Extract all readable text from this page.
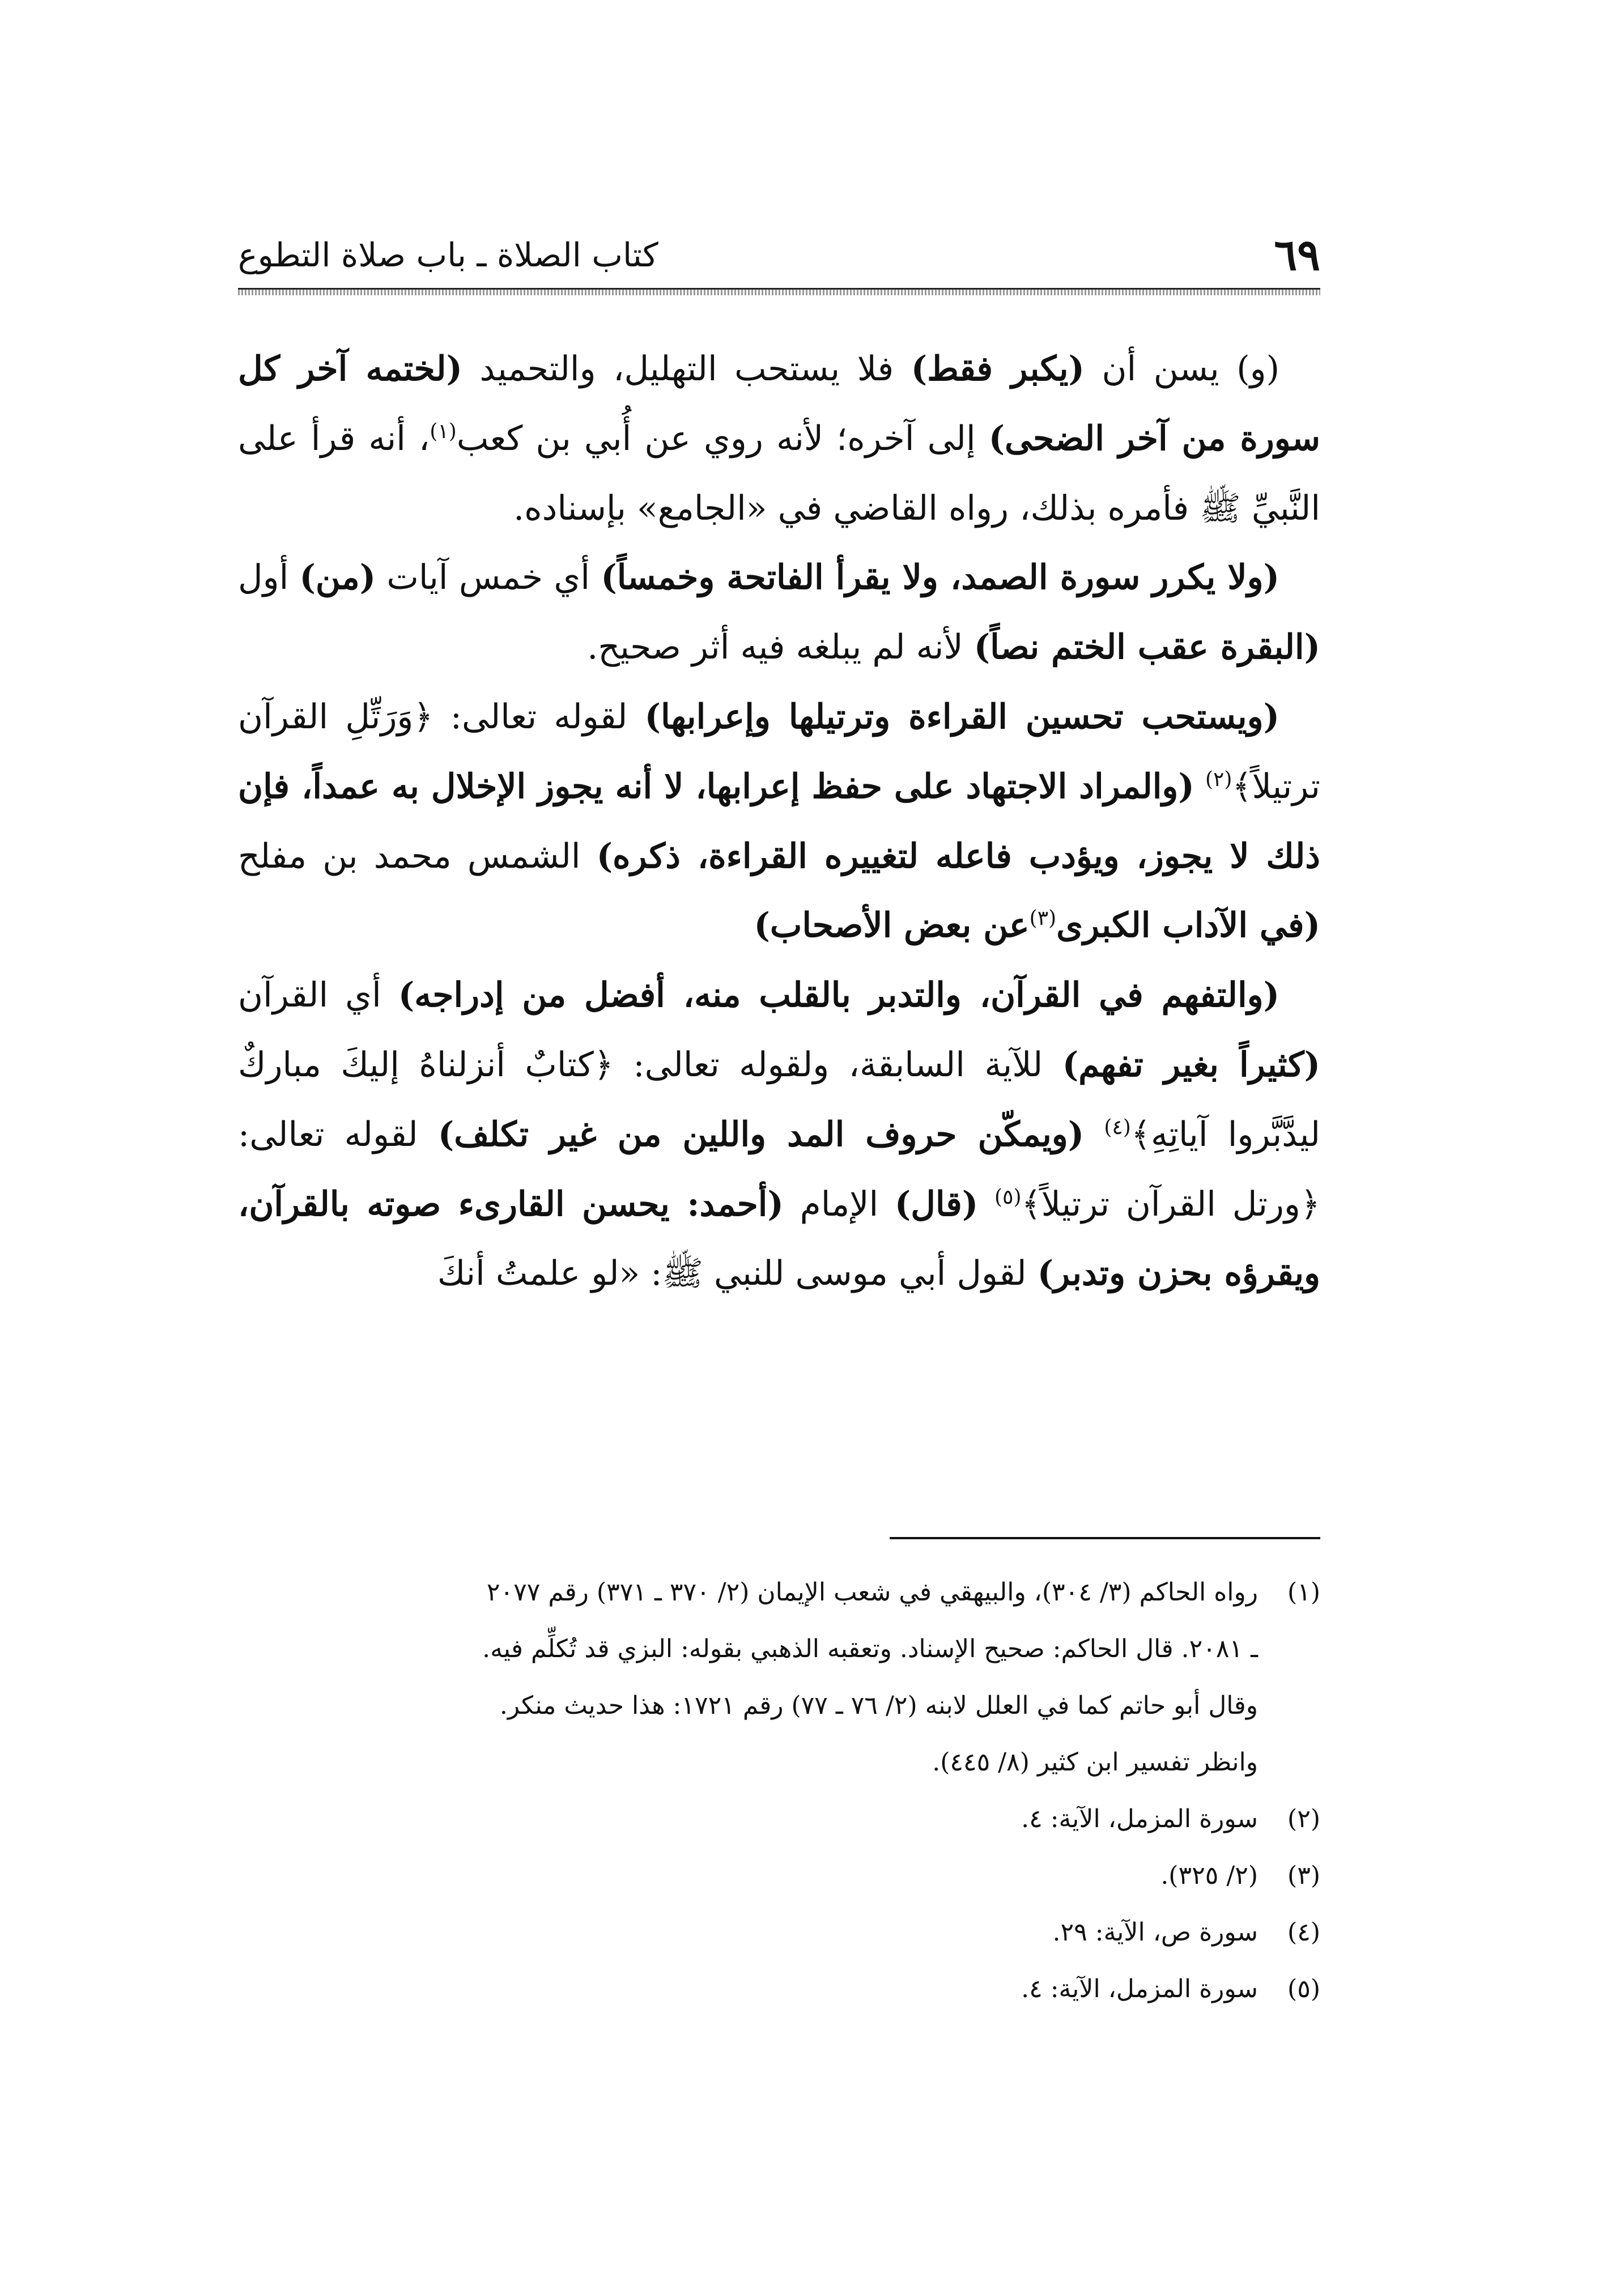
٦٩
كتاب الصلاة ـ باب صلاة التطوع

(و) يسن أن (يكبر فقط) فلا يستحب التهليل، والتحميد (لختمه آخر كل سورة من آخر الضحى) إلى آخره؛ لأنه روي عن أُبي بن كعب$^{(١)}$، أنه قرأ على النَّبيِّ ﷺ فأمره بذلك، رواه القاضي في «الجامع» بإسناده.

(ولا يكرر سورة الصمد، ولا يقرأ الفاتحة وخمساً) أي خمس آيات (من) أول (البقرة عقب الختم نصاً) لأنه لم يبلغه فيه أثر صحيح.

(ويستحب تحسين القراءة وترتيلها وإعرابها) لقوله تعالى: ﴿وَرَتِّلِ القرآن ترتيلاً﴾$^{(٢)}$ (والمراد الاجتهاد على حفظ إعرابها، لا أنه يجوز الإخلال به عمداً، فإن ذلك لا يجوز، ويؤدب فاعله لتغييره القراءة، ذكره) الشمس محمد بن مفلح (في الآداب الكبرى$^{(٣)}$عن بعض الأصحاب)

(والتفهم في القرآن، والتدبر بالقلب منه، أفضل من إدراجه) أي القرآن (كثيراً بغير تفهم) للآية السابقة، ولقوله تعالى: ﴿كتابٌ أنزلناهُ إليكَ مباركٌ ليدَّبَّروا آياتِهِ﴾$^{(٤)}$ (ويمكّن حروف المد واللين من غير تكلف) لقوله تعالى: ﴿ورتل القرآن ترتيلاً﴾$^{(٥)}$ (قال) الإمام (أحمد: يحسن القارىء صوته بالقرآن، ويقرؤه بحزن وتدبر) لقول أبي موسى للنبي ﷺ: «لو علمتُ أنكَ

(١)
رواه الحاكم (٣/ ٣٠٤)، والبيهقي في شعب الإيمان (٢/ ٣٧٠ ـ ٣٧١) رقم ٢٠٧٧
ـ ٢٠٨١. قال الحاكم: صحيح الإسناد. وتعقبه الذهبي بقوله: البزي قد تُكلِّم فيه.
وقال أبو حاتم كما في العلل لابنه (٢/ ٧٦ ـ ٧٧) رقم ١٧٢١: هذا حديث منكر.
وانظر تفسير ابن كثير (٨/ ٤٤٥).
(٢)
سورة المزمل، الآية: ٤.
(٣)
(٢/ ٣٢٥).
(٤)
سورة ص، الآية: ٢٩.
(٥)
سورة المزمل، الآية: ٤.
